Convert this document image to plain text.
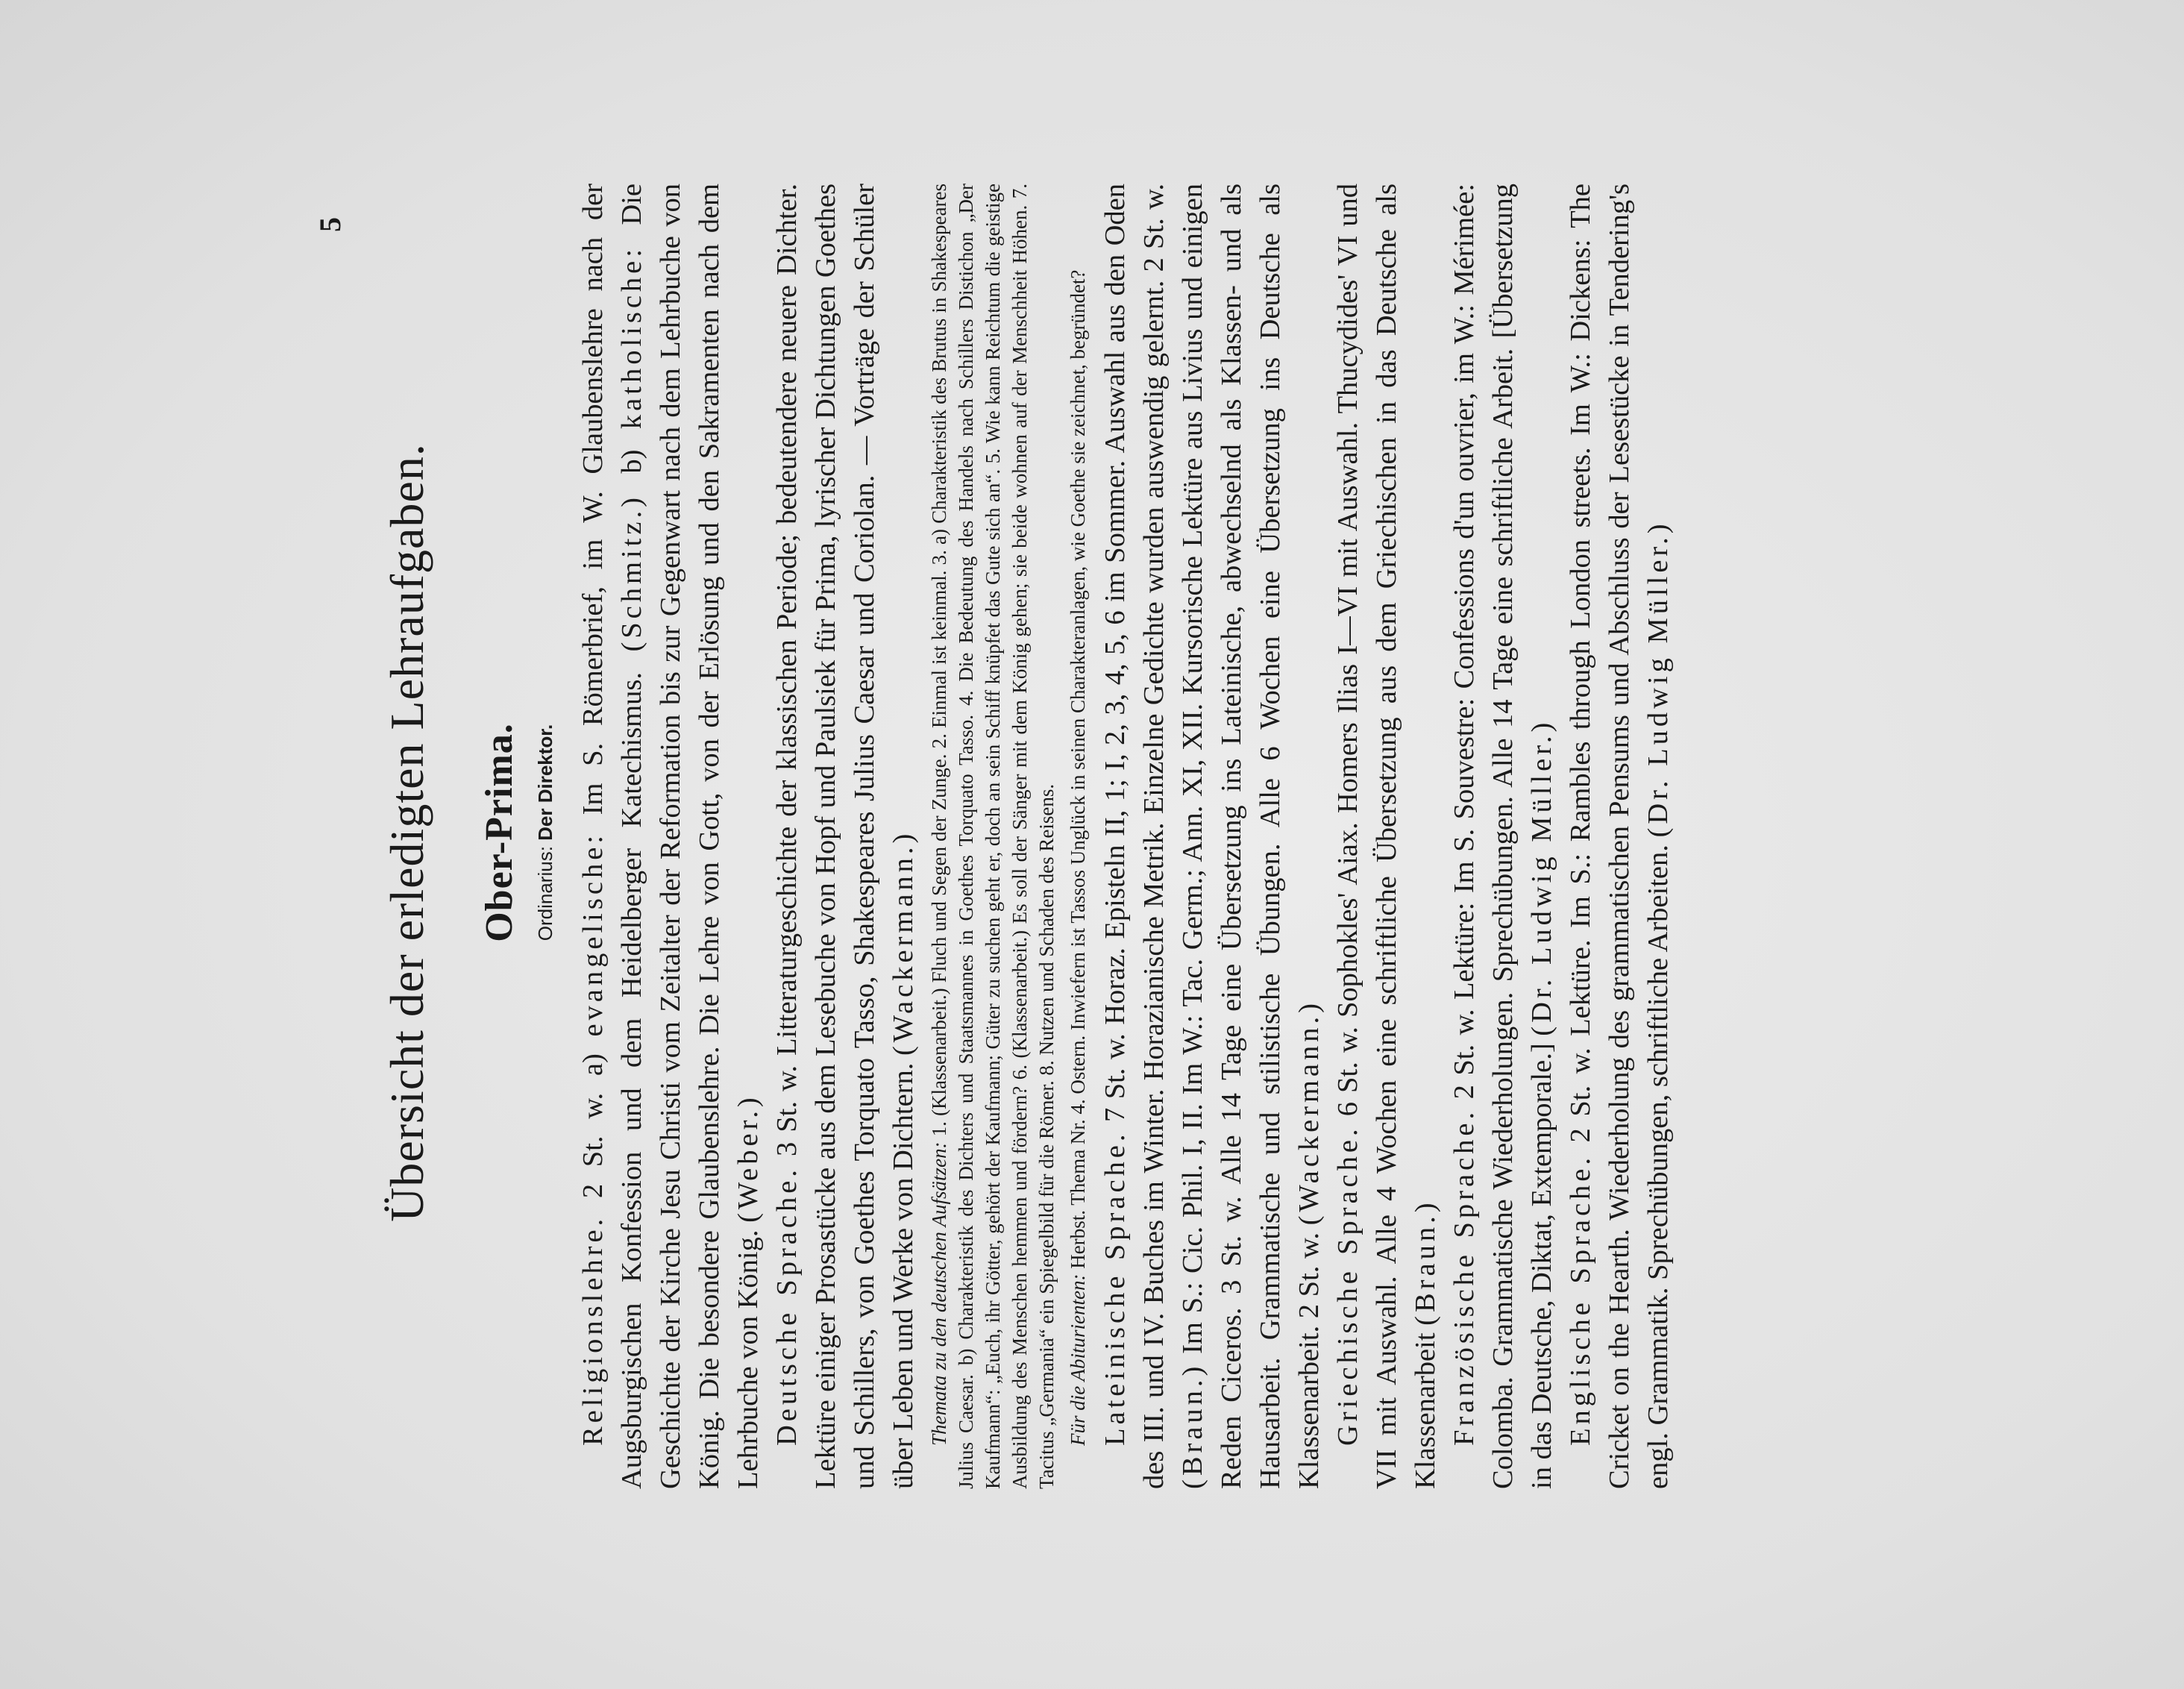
5
Übersicht der erledigten Lehraufgaben. Ober-Prima. Ordinarius: Der Direktor.

Religionslehre. 2 St. w. a) evangelische: Im S. Römerbrief, im W. Glaubenslehre nach der Augsburgischen Konfession und dem Heidelberger Katechismus. (Schmitz.) b) katholische: Die Geschichte der Kirche Jesu Christi vom Zeitalter der Reformation bis zur Gegenwart nach dem Lehrbuche von König. Die besondere Glaubenslehre. Die Lehre von Gott, von der Erlösung und den Sakramenten nach dem Lehrbuche von König. (Weber.)

Deutsche Sprache. 3 St. w. Litteraturgeschichte der klassischen Periode; bedeutendere neuere Dichter. Lektüre einiger Prosastücke aus dem Lesebuche von Hopf und Paulsiek für Prima, lyrischer Dichtungen Goethes und Schillers, von Goethes Torquato Tasso, Shakespeares Julius Caesar und Coriolan. — Vorträge der Schüler über Leben und Werke von Dichtern. (Wackermann.)

Themata zu den deutschen Aufsätzen: 1. (Klassenarbeit.) Fluch und Segen der Zunge. 2. Einmal ist keinmal. 3. a) Charakteristik des Brutus in Shakespeares Julius Caesar. b) Charakteristik des Dichters und Staatsmannes in Goethes Torquato Tasso. 4. Die Bedeutung des Handels nach Schillers Distichon „Der Kaufmann“: „Euch, ihr Götter, gehört der Kaufmann; Güter zu suchen geht er, doch an sein Schiff knüpfet das Gute sich an“. 5. Wie kann Reichtum die geistige Ausbildung des Menschen hemmen und fördern? 6. (Klassenarbeit.) Es soll der Sänger mit dem König gehen; sie beide wohnen auf der Menschheit Höhen. 7. Tacitus „Germania“ ein Spiegelbild für die Römer. 8. Nutzen und Schaden des Reisens. Für die Abiturienten: Herbst. Thema Nr. 4. Ostern. Inwiefern ist Tassos Unglück in seinen Charakteranlagen, wie Goethe sie zeichnet, begründet?

Lateinische Sprache. 7 St. w. Horaz. Episteln II, 1; I, 2, 3, 4, 5, 6 im Sommer. Auswahl aus den Oden des III. und IV. Buches im Winter. Horazianische Metrik. Einzelne Gedichte wurden auswendig gelernt. 2 St. w. (Braun.) Im S.: Cic. Phil. I, II. Im W.: Tac. Germ.; Ann. XI, XII. Kursorische Lektüre aus Livius und einigen Reden Ciceros. 3 St. w. Alle 14 Tage eine Übersetzung ins Lateinische, abwechselnd als Klassen- und als Hausarbeit. Grammatische und stilistische Übungen. Alle 6 Wochen eine Übersetzung ins Deutsche als Klassenarbeit. 2 St. w. (Wackermann.)

Griechische Sprache. 6 St. w. Sophokles' Aiax. Homers Ilias I—VI mit Auswahl. Thucydides' VI und VII mit Auswahl. Alle 4 Wochen eine schriftliche Übersetzung aus dem Griechischen in das Deutsche als Klassenarbeit (Braun.) Französische Sprache. 2 St. w. Lektüre: Im S. Souvestre: Confessions d'un ouvrier, im W.: Mérimée: Colomba. Grammatische Wiederholungen. Sprechübungen. Alle 14 Tage eine schriftliche Arbeit. [Übersetzung in das Deutsche, Diktat, Extemporale.] (Dr. Ludwig Müller.)

Englische Sprache. 2 St. w. Lektüre. Im S.: Rambles through London streets. Im W.: Dickens: The Cricket on the Hearth. Wiederholung des grammatischen Pensums und Abschluss der Lesestücke in Tendering's engl. Grammatik. Sprechübungen, schriftliche Arbeiten. (Dr. Ludwig Müller.)
